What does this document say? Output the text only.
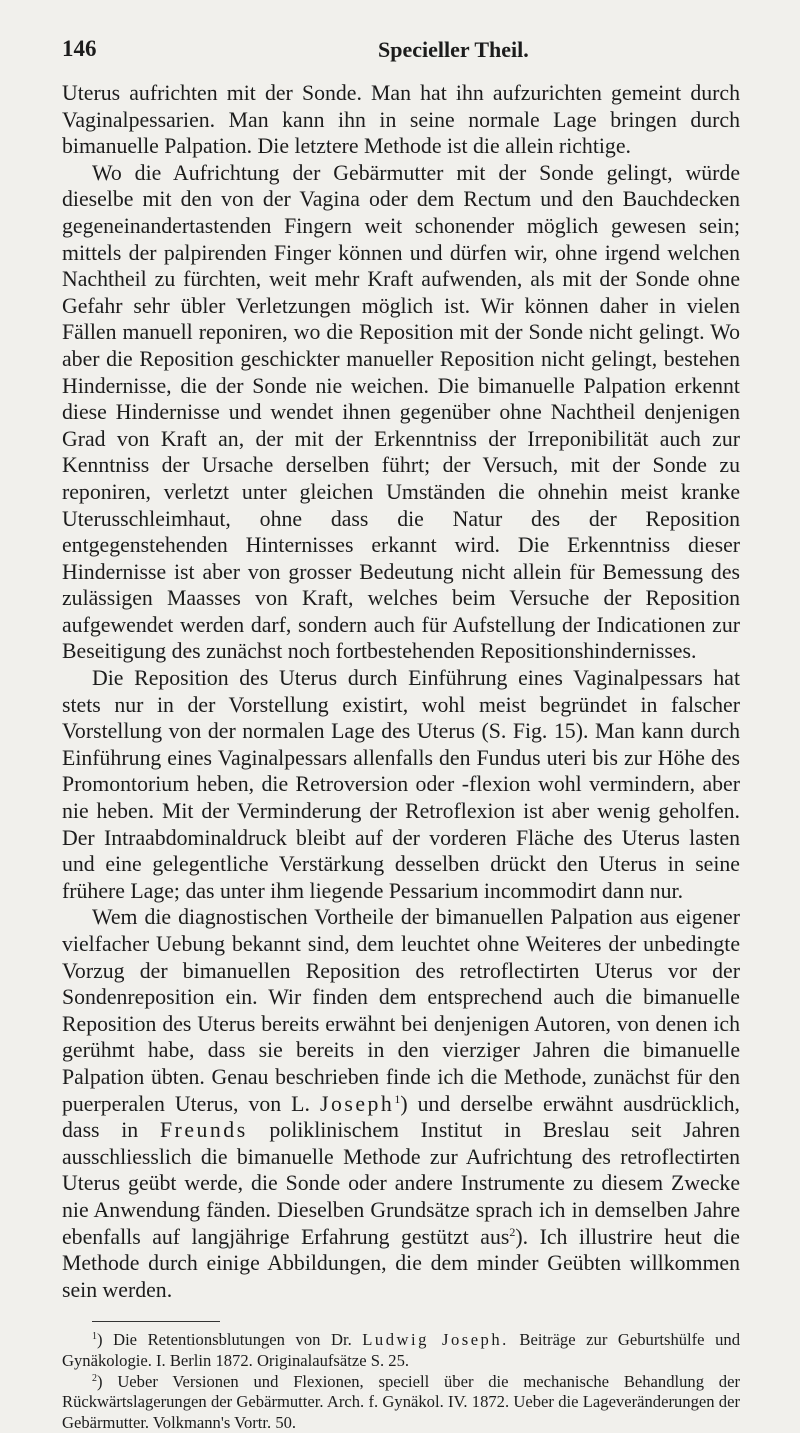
146	Specieller Theil.

Uterus aufrichten mit der Sonde. Man hat ihn aufzurichten gemeint durch Vaginalpessarien. Man kann ihn in seine normale Lage bringen durch bimanuelle Palpation. Die letztere Methode ist die allein richtige.

Wo die Aufrichtung der Gebärmutter mit der Sonde gelingt, würde dieselbe mit den von der Vagina oder dem Rectum und den Bauchdecken gegeneinandertastenden Fingern weit schonender möglich gewesen sein; mittels der palpirenden Finger können und dürfen wir, ohne irgend welchen Nachtheil zu fürchten, weit mehr Kraft aufwenden, als mit der Sonde ohne Gefahr sehr übler Verletzungen möglich ist. Wir können daher in vielen Fällen manuell reponiren, wo die Reposition mit der Sonde nicht gelingt. Wo aber die Reposition geschickter manueller Reposition nicht gelingt, bestehen Hindernisse, die der Sonde nie weichen. Die bimanuelle Palpation erkennt diese Hindernisse und wendet ihnen gegenüber ohne Nachtheil denjenigen Grad von Kraft an, der mit der Erkenntniss der Irreponibilität auch zur Kenntniss der Ursache derselben führt; der Versuch, mit der Sonde zu reponiren, verletzt unter gleichen Umständen die ohnehin meist kranke Uterusschleimhaut, ohne dass die Natur des der Reposition entgegenstehenden Hinternisses erkannt wird. Die Erkenntniss dieser Hindernisse ist aber von grosser Bedeutung nicht allein für Bemessung des zulässigen Maasses von Kraft, welches beim Versuche der Reposition aufgewendet werden darf, sondern auch für Aufstellung der Indicationen zur Beseitigung des zunächst noch fortbestehenden Repositionshindernisses.

Die Reposition des Uterus durch Einführung eines Vaginalpessars hat stets nur in der Vorstellung existirt, wohl meist begründet in falscher Vorstellung von der normalen Lage des Uterus (S. Fig. 15). Man kann durch Einführung eines Vaginalpessars allenfalls den Fundus uteri bis zur Höhe des Promontorium heben, die Retroversion oder -flexion wohl vermindern, aber nie heben. Mit der Verminderung der Retroflexion ist aber wenig geholfen. Der Intraabdominaldruck bleibt auf der vorderen Fläche des Uterus lasten und eine gelegentliche Verstärkung desselben drückt den Uterus in seine frühere Lage; das unter ihm liegende Pessarium incommodirt dann nur.

Wem die diagnostischen Vortheile der bimanuellen Palpation aus eigener vielfacher Uebung bekannt sind, dem leuchtet ohne Weiteres der unbedingte Vorzug der bimanuellen Reposition des retroflectirten Uterus vor der Sondenreposition ein. Wir finden dem entsprechend auch die bimanuelle Reposition des Uterus bereits erwähnt bei denjenigen Autoren, von denen ich gerühmt habe, dass sie bereits in den vierziger Jahren die bimanuelle Palpation übten. Genau beschrieben finde ich die Methode, zunächst für den puerperalen Uterus, von L. Joseph$^1$) und derselbe erwähnt ausdrücklich, dass in Freunds poliklinischem Institut in Breslau seit Jahren ausschliesslich die bimanuelle Methode zur Aufrichtung des retroflectirten Uterus geübt werde, die Sonde oder andere Instrumente zu diesem Zwecke nie Anwendung fänden. Dieselben Grundsätze sprach ich in demselben Jahre ebenfalls auf langjährige Erfahrung gestützt aus$^2$). Ich illustrire heut die Methode durch einige Abbildungen, die dem minder Geübten willkommen sein werden.

$^1$) Die Retentionsblutungen von Dr. Ludwig Joseph. Beiträge zur Geburtshülfe und Gynäkologie. I. Berlin 1872. Originalaufsätze S. 25.

$^2$) Ueber Versionen und Flexionen, speciell über die mechanische Behandlung der Rückwärtslagerungen der Gebärmutter. Arch. f. Gynäkol. IV. 1872. Ueber die Lageveränderungen der Gebärmutter. Volkmann's Vortr. 50.
